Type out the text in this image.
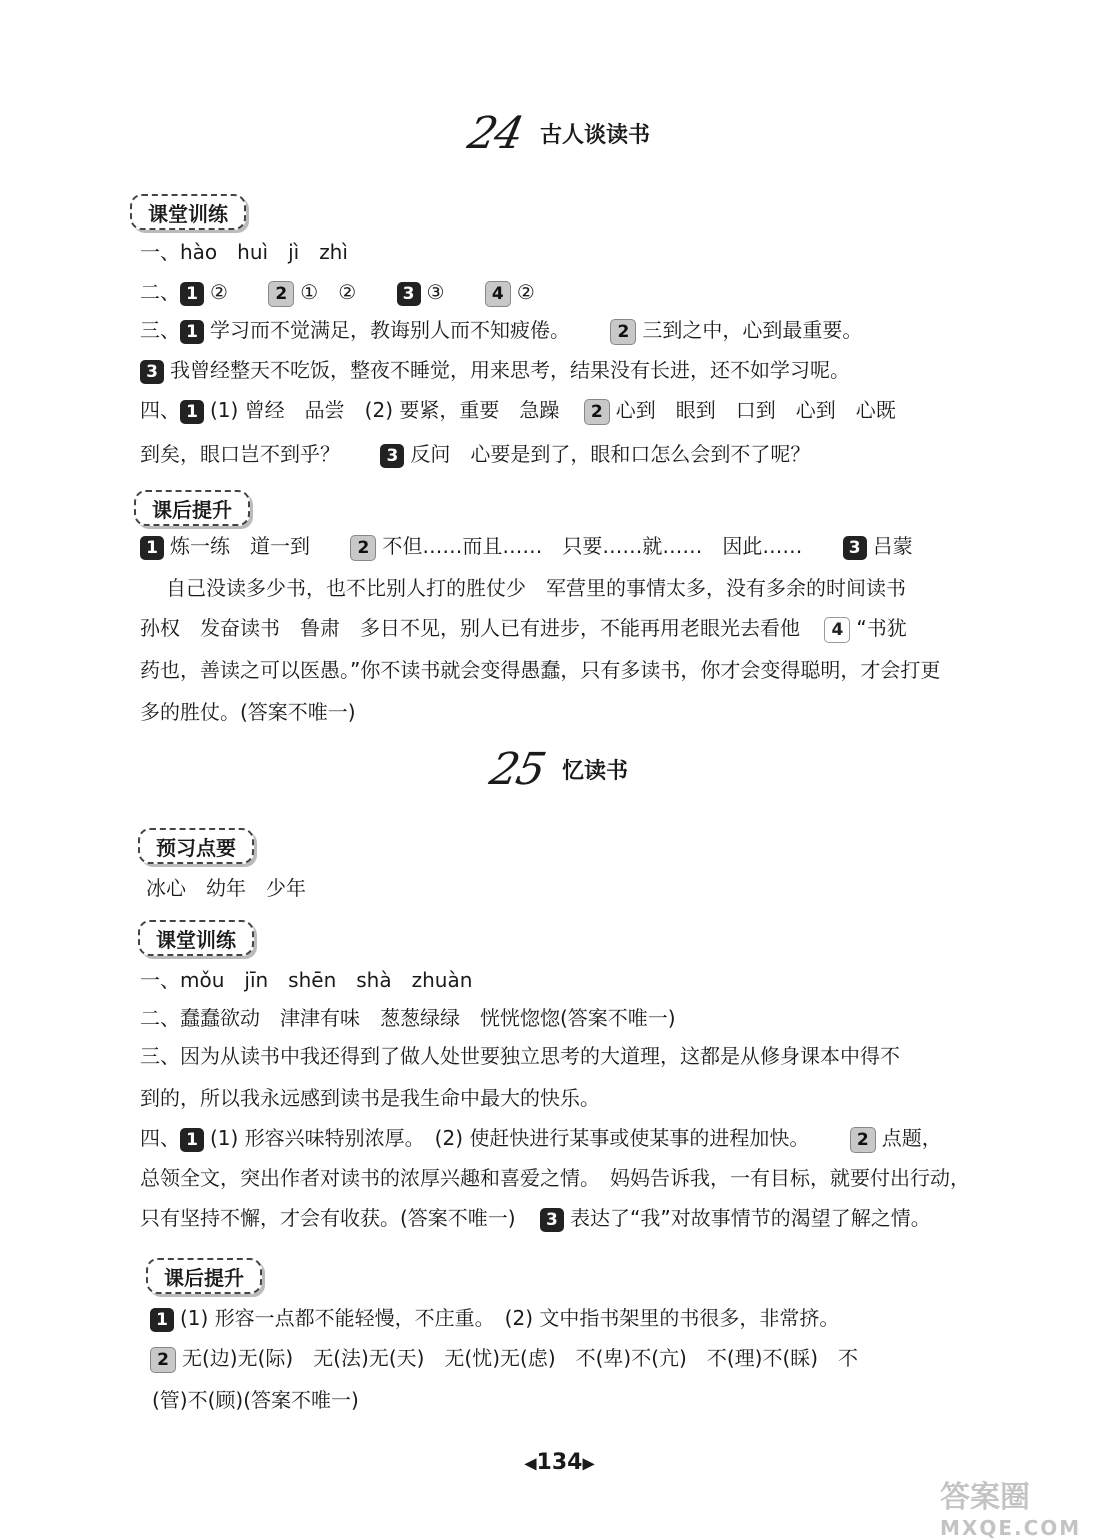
24 古人谈读书
课堂训练
一、hào　huì　jì　zhì
二、 1 ②	2 ①　②	3 ③	4 ②
三、 1 学习而不觉满足，教诲别人而不知疲倦。	2 三到之中，心到最重要。
3 我曾经整天不吃饭，整夜不睡觉，用来思考，结果没有长进，还不如学习呢。
四、 1 (1) 曾经　品尝　(2) 要紧，重要　急躁 2 心到　眼到　口到　心到　心既
到矣，眼口岂不到乎？	3 反问　心要是到了，眼和口怎么会到不了呢？
课后提升
1 炼一练　道一到	2 不但……而且……　只要……就……　因此……	3 吕蒙
自己没读多少书，也不比别人打的胜仗少　军营里的事情太多，没有多余的时间读书
孙权　发奋读书　鲁肃　多日不见，别人已有进步，不能再用老眼光去看他 4 “书犹
药也，善读之可以医愚。”你不读书就会变得愚蠢，只有多读书，你才会变得聪明，才会打更
多的胜仗。(答案不唯一)
25 忆读书
预习点要
冰心　幼年　少年
课堂训练
一、mǒu　jīn　shēn　shà　zhuàn
二、蠢蠢欲动　津津有味　葱葱绿绿　恍恍惚惚(答案不唯一)
三、因为从读书中我还得到了做人处世要独立思考的大道理，这都是从修身课本中得不
到的，所以我永远感到读书是我生命中最大的快乐。
四、 1 (1) 形容兴味特别浓厚。　(2) 使赶快进行某事或使某事的进程加快。	2 点题，
总领全文，突出作者对读书的浓厚兴趣和喜爱之情。　妈妈告诉我，一有目标，就要付出行动，
只有坚持不懈，才会有收获。(答案不唯一) 3 表达了“我”对故事情节的渴望了解之情。
课后提升
1 (1) 形容一点都不能轻慢，不庄重。　(2) 文中指书架里的书很多，非常挤。
2 无(边)无(际)　无(法)无(天)　无(忧)无(虑)　不(卑)不(亢)　不(理)不(睬)　不
(管)不(顾)(答案不唯一)
◀134▶
答案圈
MXQE.COM
